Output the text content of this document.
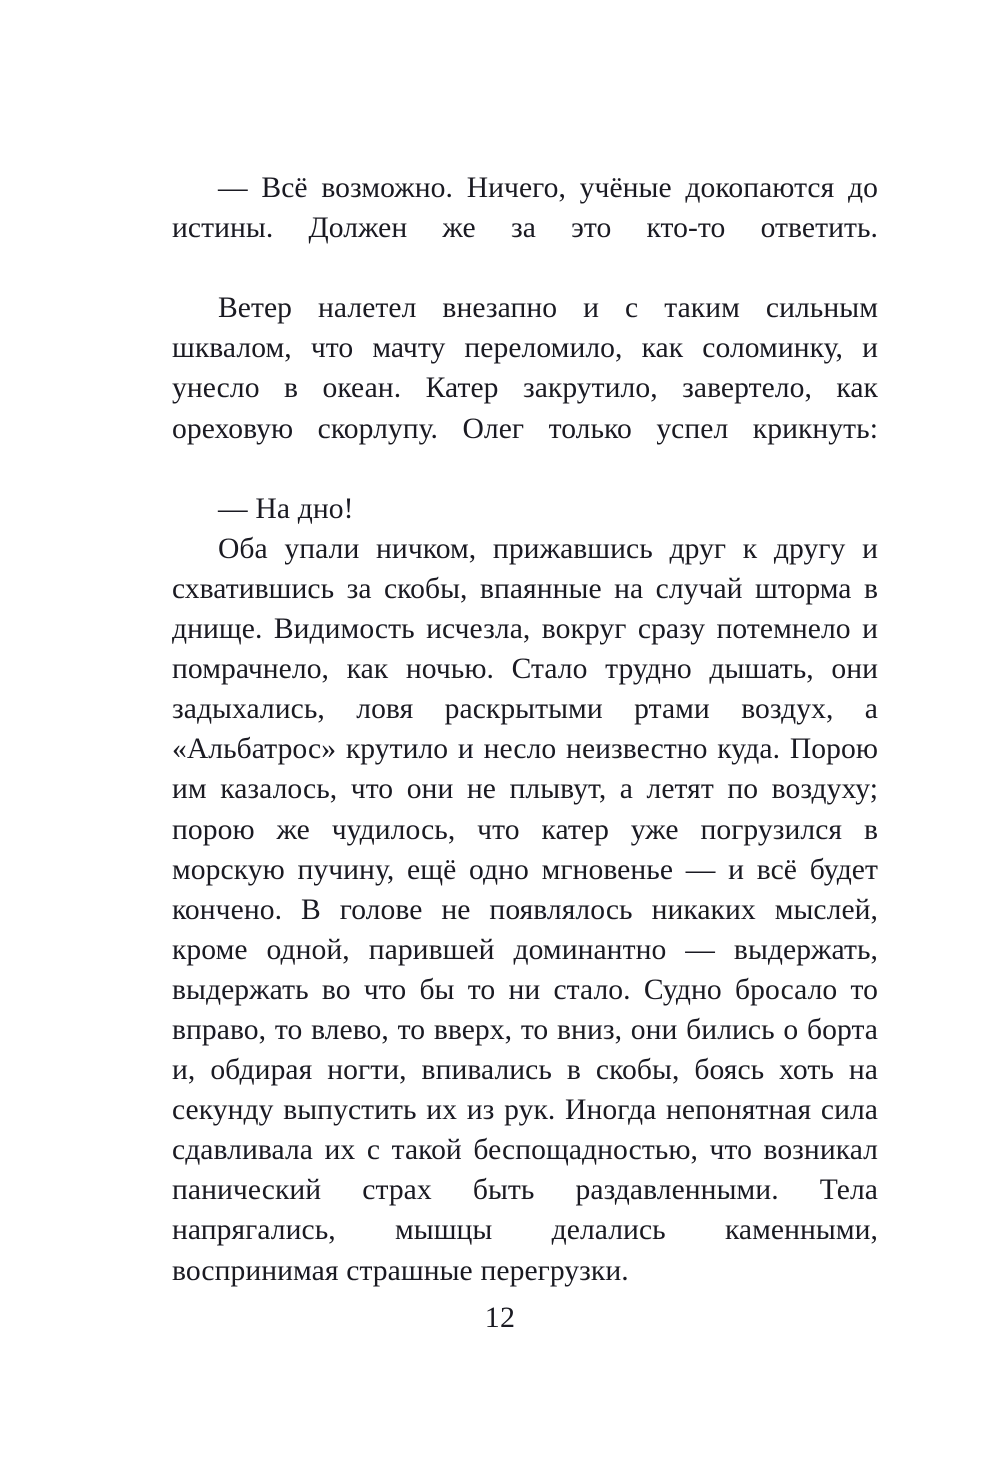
— Всё возможно. Ничего, учёные докопаются до истины. Должен же за это кто-то ответить.

Ветер налетел внезапно и с таким сильным шквалом, что мачту переломило, как соломинку, и унесло в океан. Катер закрутило, завертело, как ореховую скорлупу. Олег только успел крикнуть:

— На дно!

Оба упали ничком, прижавшись друг к другу и схватившись за скобы, впаянные на случай шторма в днище. Видимость исчезла, вокруг сразу потемнело и помрачнело, как ночью. Стало трудно дышать, они задыхались, ловя раскрытыми ртами воздух, а «Альбатрос» крутило и несло неизвестно куда. Порою им казалось, что они не плывут, а летят по воздуху; порою же чудилось, что катер уже погрузился в морскую пучину, ещё одно мгновенье — и всё будет кончено. В голове не появлялось никаких мыслей, кроме одной, парившей доминантно — выдержать, выдержать во что бы то ни стало. Судно бросало то вправо, то влево, то вверх, то вниз, они бились о борта и, обдирая ногти, впивались в скобы, боясь хоть на секунду выпустить их из рук. Иногда непонятная сила сдавливала их с такой беспощадностью, что возникал панический страх быть раздавленными. Тела напрягались, мышцы делались каменными, воспринимая страшные перегрузки.

12
